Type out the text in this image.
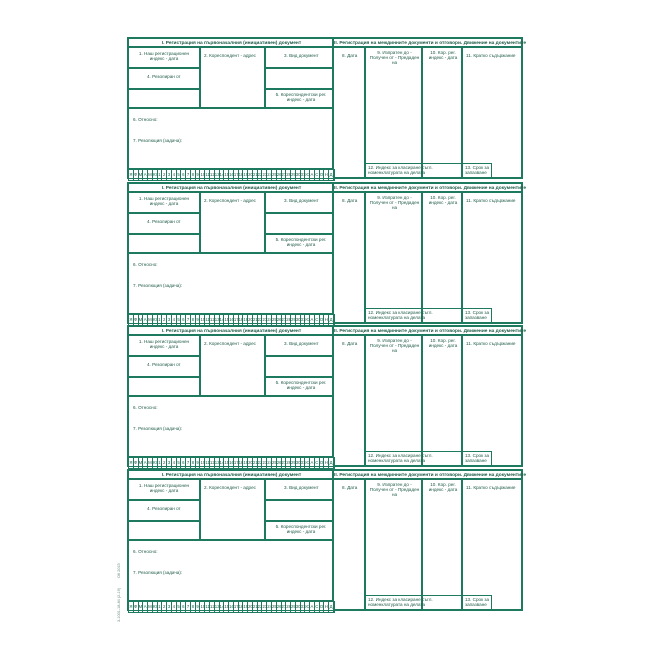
I. Регистрация на първоначалния (инициативен) документ	II. Регистрация на междинните документи и отговори. Движение на документите
1. Наш регистрационен индекс - дата
2. Кореспондент - адрес	3. Вид документ
4. Резолиран от
5. Кореспондентски рег. индекс - дата
6. Относно:
7. Резолюция (задача):
Я Ф М А М Ю 1 2 3 4 5 6 7 8 9 10 11 12 13 14 15 16 17 18 19 20 21 22 23 24 25 26 27 28 29 30 31 Ю А С О Н Д
8. Дата
9. Изпратен до - Получен от - Предаден на
10. Кор. рег. индекс - дата	11. Кратко съдържание
12. Индекс за класиране съгл. номенклатурата на делата
13. Срок за запазване
I. Регистрация на първоначалния (инициативен) документ	II. Регистрация на междинните документи и отговори. Движение на документите
1. Наш регистрационен индекс - дата
2. Кореспондент - адрес	3. Вид документ
4. Резолиран от
5. Кореспондентски рег. индекс - дата
6. Относно:
7. Резолюция (задача):
Я Ф М А М Ю 1 2 3 4 5 6 7 8 9 10 11 12 13 14 15 16 17 18 19 20 21 22 23 24 25 26 27 28 29 30 31 Ю А С О Н Д
8. Дата
9. Изпратен до - Получен от - Предаден на
10. Кор. рег. индекс - дата	11. Кратко съдържание
12. Индекс за класиране съгл. номенклатурата на делата
13. Срок за запазване
I. Регистрация на първоначалния (инициативен) документ	II. Регистрация на междинните документи и отговори. Движение на документите
1. Наш регистрационен индекс - дата
2. Кореспондент - адрес	3. Вид документ
4. Резолиран от
5. Кореспондентски рег. индекс - дата
6. Относно:
7. Резолюция (задача):
Я Ф М А М Ю 1 2 3 4 5 6 7 8 9 10 11 12 13 14 15 16 17 18 19 20 21 22 23 24 25 26 27 28 29 30 31 Ю А С О Н Д
8. Дата
9. Изпратен до - Получен от - Предаден на
10. Кор. рег. индекс - дата	11. Кратко съдържание
12. Индекс за класиране съгл. номенклатурата на делата
13. Срок за запазване
I. Регистрация на първоначалния (инициативен) документ	II. Регистрация на междинните документи и отговори. Движение на документите
1. Наш регистрационен индекс - дата
2. Кореспондент - адрес	3. Вид документ
4. Резолиран от
5. Кореспондентски рег. индекс - дата
6. Относно:
7. Резолюция (задача):
Я Ф М А М Ю 1 2 3 4 5 6 7 8 9 10 11 12 13 14 15 16 17 18 19 20 21 22 23 24 25 26 27 28 29 30 31 Ю А С О Н Д
8. Дата
9. Изпратен до - Получен от - Предаден на
10. Кор. рег. индекс - дата	11. Кратко съдържание
12. Индекс за класиране съгл. номенклатурата на делата
13. Срок за запазване
ОК 2015
3-1001-18-84 (2-19)
